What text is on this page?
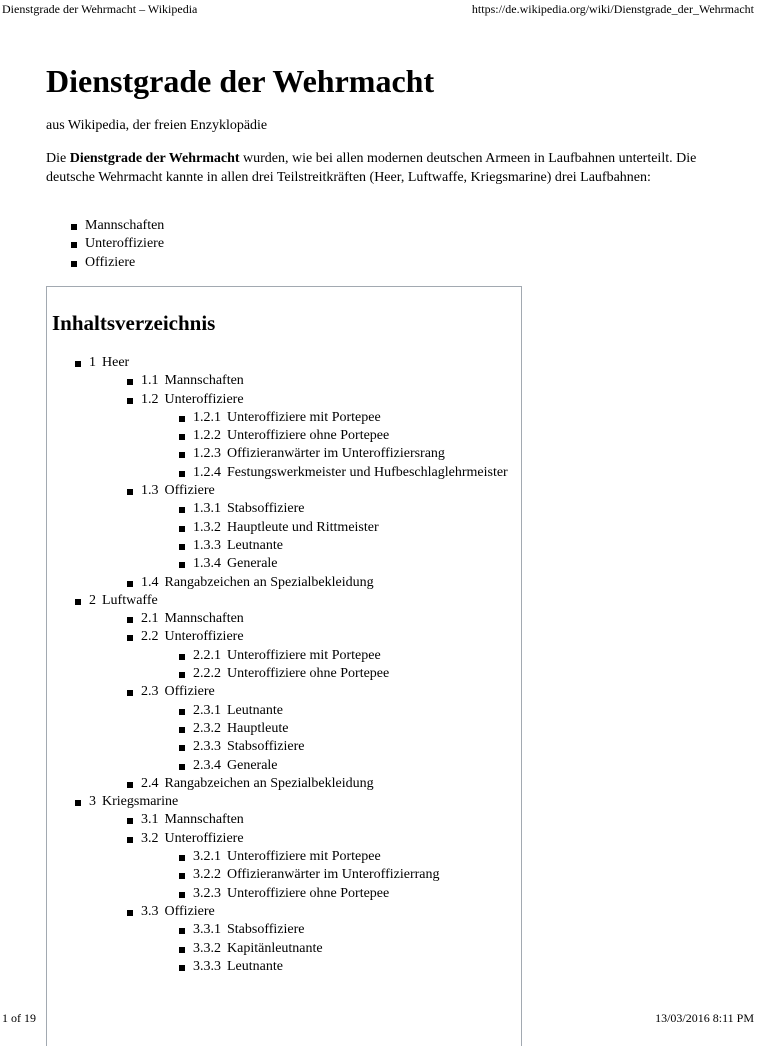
Dienstgrade der Wehrmacht – Wikipedia	https://de.wikipedia.org/wiki/Dienstgrade_der_Wehrmacht
Dienstgrade der Wehrmacht
aus Wikipedia, der freien Enzyklopädie

Die Dienstgrade der Wehrmacht wurden, wie bei allen modernen deutschen Armeen in Laufbahnen unterteilt. Die deutsche Wehrmacht kannte in allen drei Teilstreitkräften (Heer, Luftwaffe, Kriegsmarine) drei Laufbahnen:

Mannschaften
Unteroffiziere
Offiziere
Inhaltsverzeichnis
1 Heer
1.1 Mannschaften
1.2 Unteroffiziere
1.2.1 Unteroffiziere mit Portepee
1.2.2 Unteroffiziere ohne Portepee
1.2.3 Offizieranwärter im Unteroffiziersrang
1.2.4 Festungswerkmeister und Hufbeschlaglehrmeister
1.3 Offiziere
1.3.1 Stabsoffiziere
1.3.2 Hauptleute und Rittmeister
1.3.3 Leutnante
1.3.4 Generale
1.4 Rangabzeichen an Spezialbekleidung
2 Luftwaffe
2.1 Mannschaften
2.2 Unteroffiziere
2.2.1 Unteroffiziere mit Portepee
2.2.2 Unteroffiziere ohne Portepee
2.3 Offiziere
2.3.1 Leutnante
2.3.2 Hauptleute
2.3.3 Stabsoffiziere
2.3.4 Generale
2.4 Rangabzeichen an Spezialbekleidung
3 Kriegsmarine
3.1 Mannschaften
3.2 Unteroffiziere
3.2.1 Unteroffiziere mit Portepee
3.2.2 Offizieranwärter im Unteroffizierrang
3.2.3 Unteroffiziere ohne Portepee
3.3 Offiziere
3.3.1 Stabsoffiziere
3.3.2 Kapitänleutnante
3.3.3 Leutnante
1 of 19	13/03/2016 8:11 PM
